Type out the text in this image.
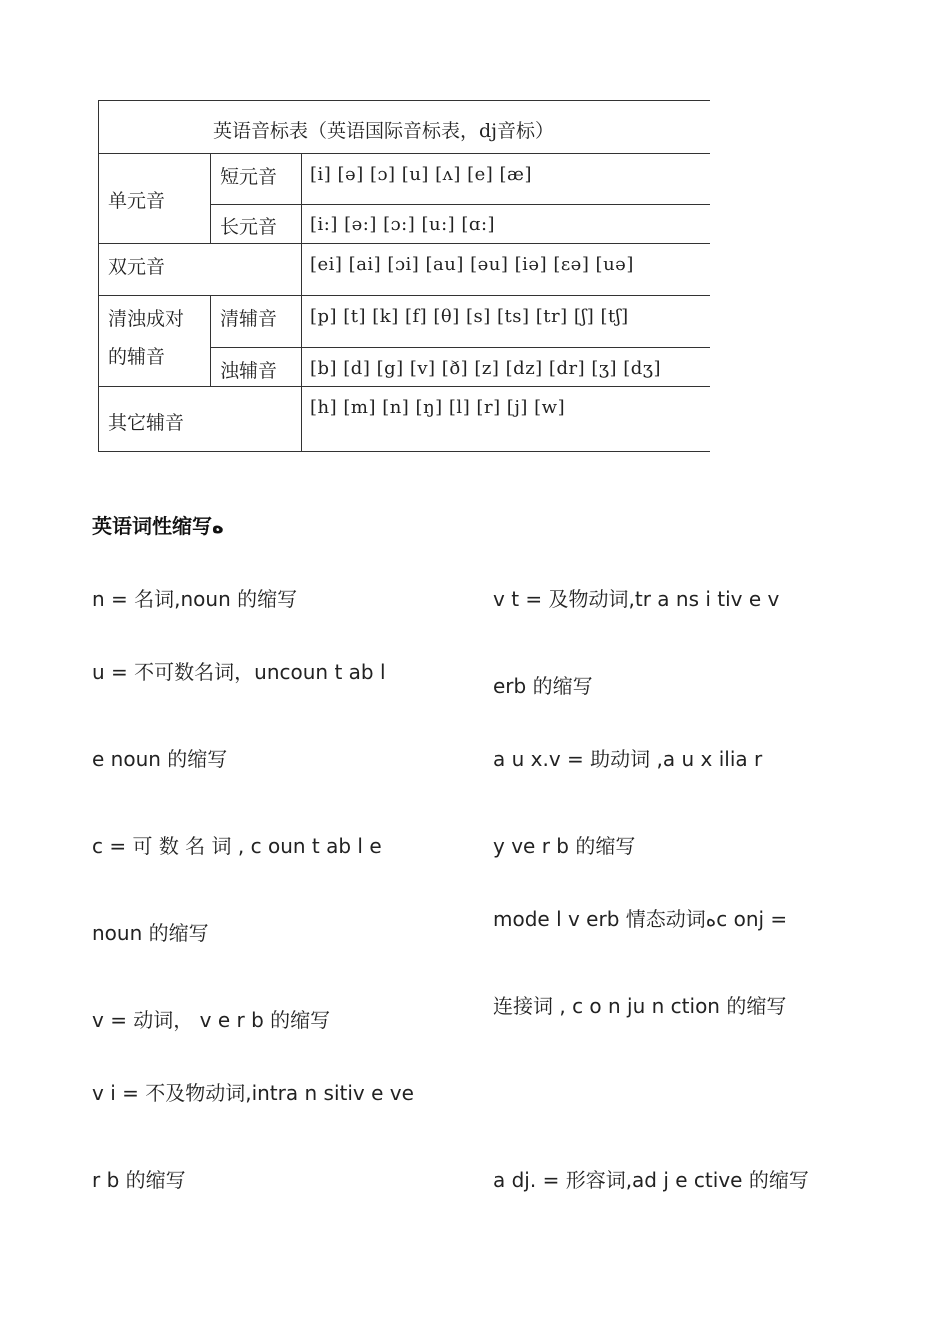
英语音标表（英语国际音标表，dj音标）
单元音
短元音 [i] [ə] [ɔ] [u] [ʌ] [e] [æ]
长元音 [i:] [ə:] [ɔ:] [u:] [ɑ:]
双元音	[ei] [ai] [ɔi] [au] [əu] [iə] [εə] [uə]
清浊成对
的辅音
清辅音 [p] [t] [k] [f] [θ] [s] [ts] [tr] [ʃ] [tʃ]
浊辅音 [b] [d] [g] [v] [ð] [z] [dz] [dr] [ʒ] [dʒ]
其它辅音
[h] [m] [n] [ŋ] [l] [r] [j] [w]
英语词性缩写ﻩ
n = 名词,noun 的缩写
u = 不可数名词，uncoun t ab l
e noun 的缩写
c = 可 数 名 词 , c oun t ab l e
noun 的缩写
v = 动词， v e r b 的缩写
v i = 不及物动词,intra n sitiv e ve
r b 的缩写
v t = 及物动词,tr a ns i tiv e v
erb 的缩写
a u x.v = 助动词 ,a u x ilia r
y ve r b 的缩写
mode l v erb 情态动词ﻩc onj =
连接词 , c o n ju n ction 的缩写
a dj. = 形容词,ad j e ctive 的缩写
